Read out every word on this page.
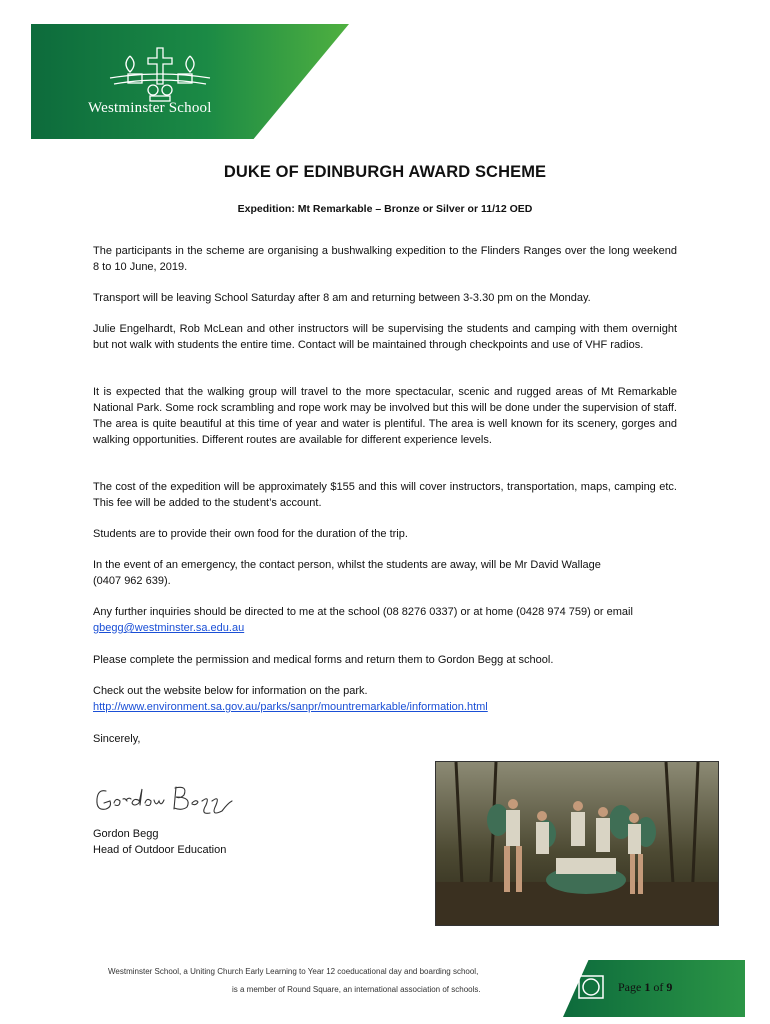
Westminster School
DUKE OF EDINBURGH AWARD SCHEME
Expedition: Mt Remarkable – Bronze or Silver or 11/12 OED

The participants in the scheme are organising a bushwalking expedition to the Flinders Ranges over the long weekend 8 to 10 June, 2019.

Transport will be leaving School Saturday after 8 am and returning between 3-3.30 pm on the Monday.

Julie Engelhardt, Rob McLean and other instructors will be supervising the students and camping with them overnight but not walk with students the entire time. Contact will be maintained through checkpoints and use of VHF radios.

It is expected that the walking group will travel to the more spectacular, scenic and rugged areas of Mt Remarkable National Park. Some rock scrambling and rope work may be involved but this will be done under the supervision of staff. The area is quite beautiful at this time of year and water is plentiful. The area is well known for its scenery, gorges and walking opportunities. Different routes are available for different experience levels.

The cost of the expedition will be approximately $155 and this will cover instructors, transportation, maps, camping etc. This fee will be added to the student’s account.

Students are to provide their own food for the duration of the trip.

In the event of an emergency, the contact person, whilst the students are away, will be Mr David Wallage
(0407 962 639).
Any further inquiries should be directed to me at the school (08 8276 0337) or at home (0428 974 759) or email
gbegg@westminster.sa.edu.au

Please complete the permission and medical forms and return them to Gordon Begg at school.

Check out the website below for information on the park.
http://www.environment.sa.gov.au/parks/sanpr/mountremarkable/information.html

Sincerely,

Gordon Begg
Head of Outdoor Education
Westminster School, a Uniting Church Early Learning to Year 12 coeducational day and boarding school,
is a member of Round Square, an international association of schools.	Page 1 of 9
